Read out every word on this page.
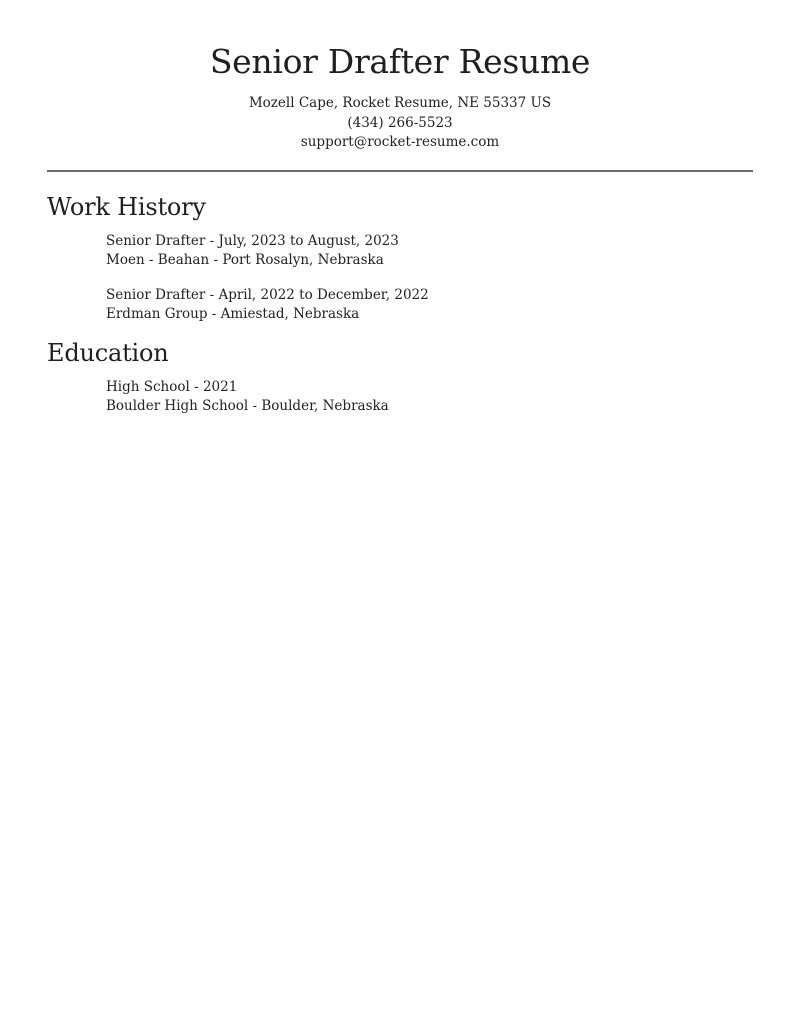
Senior Drafter Resume

Mozell Cape, Rocket Resume, NE 55337 US

(434) 266-5523

support@rocket-resume.com

Work History
Senior Drafter - July, 2023 to August, 2023
Moen - Beahan - Port Rosalyn, Nebraska
Senior Drafter - April, 2022 to December, 2022
Erdman Group - Amiestad, Nebraska
Education
High School - 2021
Boulder High School - Boulder, Nebraska
